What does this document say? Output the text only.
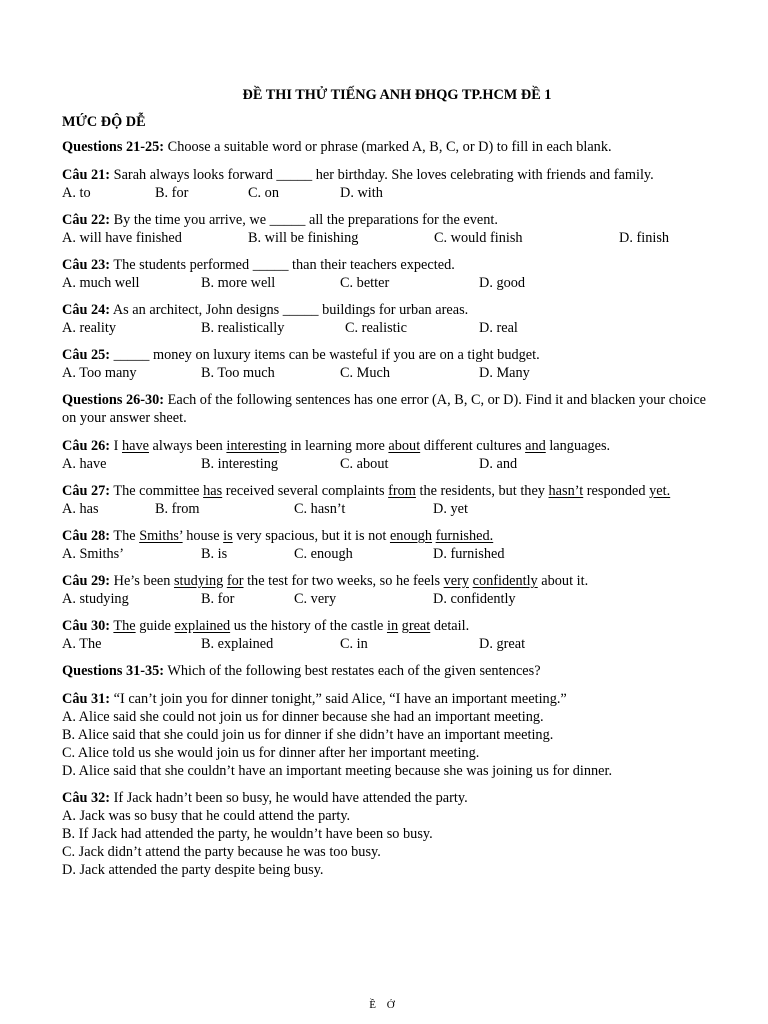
ĐỀ THI THỬ TIẾNG ANH ĐHQG TP.HCM ĐỀ 1
MỨC ĐỘ DỄ
Questions 21-25: Choose a suitable word or phrase (marked A, B, C, or D) to fill in each blank.

Câu 21: Sarah always looks forward _____ her birthday. She loves celebrating with friends and family.

A. to	B. for	C. on	D. with

Câu 22: By the time you arrive, we _____ all the preparations for the event.

A. will have finished	B. will be finishing	C. would finish	D. finish

Câu 23: The students performed _____ than their teachers expected.

A. much well	B. more well	C. better	D. good

Câu 24: As an architect, John designs _____ buildings for urban areas.

A. reality	B. realistically	C. realistic	D. real

Câu 25: _____ money on luxury items can be wasteful if you are on a tight budget.

A. Too many	B. Too much	C. Much	D. Many
Questions 26-30: Each of the following sentences has one error (A, B, C, or D). Find it and blacken your choice on your answer sheet.

Câu 26: I have always been interesting in learning more about different cultures and languages.

A. have	B. interesting	C. about	D. and

Câu 27: The committee has received several complaints from the residents, but they hasn’t responded yet.

A. has	B. from	C. hasn’t	D. yet

Câu 28: The Smiths’ house is very spacious, but it is not enough furnished.

A. Smiths’	B. is	C. enough	D. furnished

Câu 29: He’s been studying for the test for two weeks, so he feels very confidently about it.

A. studying	B. for	C. very	D. confidently

Câu 30: The guide explained us the history of the castle in great detail.

A. The	B. explained	C. in	D. great
Questions 31-35: Which of the following best restates each of the given sentences?

Câu 31: “I can’t join you for dinner tonight,” said Alice, “I have an important meeting.”

A. Alice said she could not join us for dinner because she had an important meeting.

B. Alice said that she could join us for dinner if she didn’t have an important meeting.

C. Alice told us she would join us for dinner after her important meeting.

D. Alice said that she couldn’t have an important meeting because she was joining us for dinner.

Câu 32: If Jack hadn’t been so busy, he would have attended the party.

A. Jack was so busy that he could attend the party.

B. If Jack had attended the party, he wouldn’t have been so busy.

C. Jack didn’t attend the party because he was too busy.

D. Jack attended the party despite being busy.

Ề Ở
